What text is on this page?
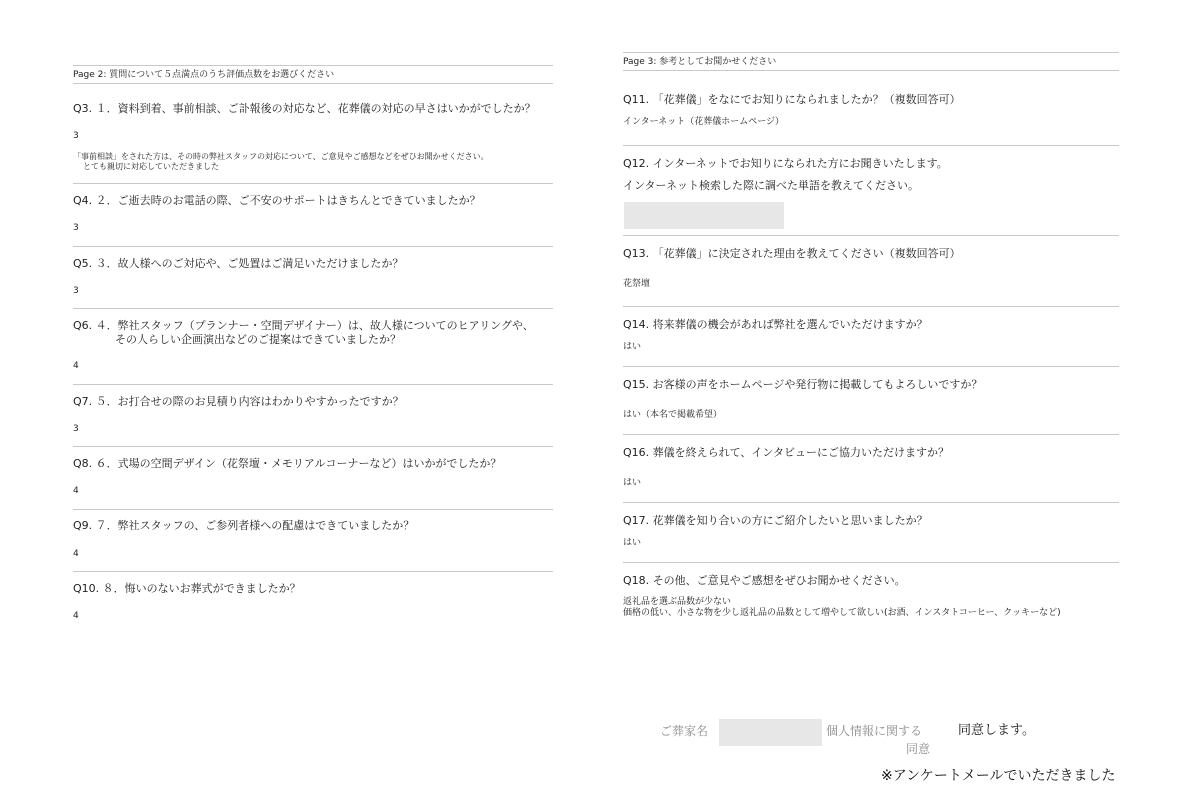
Page 2: 質問について５点満点のうち評価点数をお選びください
Q3. １．資料到着、事前相談、ご訃報後の対応など、花葬儀の対応の早さはいかがでしたか？
3
「事前相談」をされた方は、その時の弊社スタッフの対応について、ご意見やご感想などをぜひお聞かせください。
とても親切に対応していただきました
Q4. ２．ご逝去時のお電話の際、ご不安のサポートはきちんとできていましたか？
3
Q5. ３．故人様へのご対応や、ご処置はご満足いただけましたか？
3
Q6. ４．弊社スタッフ（プランナー・空間デザイナー）は、故人様についてのヒアリングや、
その人らしい企画演出などのご提案はできていましたか？
4
Q7. ５．お打合せの際のお見積り内容はわかりやすかったですか？
3
Q8. ６．式場の空間デザイン（花祭壇・メモリアルコーナーなど）はいかがでしたか？
4
Q9. ７．弊社スタッフの、ご参列者様への配慮はできていましたか？
4
Q10. ８．悔いのないお葬式ができましたか？
4
Page 3: 参考としてお聞かせください
Q11. 「花葬儀」をなにでお知りになられましたか？（複数回答可）
インターネット（花葬儀ホームページ）
Q12. インターネットでお知りになられた方にお聞きいたします。
インターネット検索した際に調べた単語を教えてください。
Q13. 「花葬儀」に決定された理由を教えてください（複数回答可）
花祭壇
Q14. 将来葬儀の機会があれば弊社を選んでいただけますか？
はい
Q15. お客様の声をホームページや発行物に掲載してもよろしいですか？
はい（本名で掲載希望）
Q16. 葬儀を終えられて、インタビューにご協力いただけますか？
はい
Q17. 花葬儀を知り合いの方にご紹介したいと思いましたか？
はい
Q18. その他、ご意見やご感想をぜひお聞かせください。
返礼品を選ぶ品数が少ない
価格の低い、小さな物を少し返礼品の品数として増やして欲しい(お酒、インスタトコーヒー、クッキーなど)
ご葬家名	個人情報に関する
同意
同意します。
※アンケートメールでいただきました
